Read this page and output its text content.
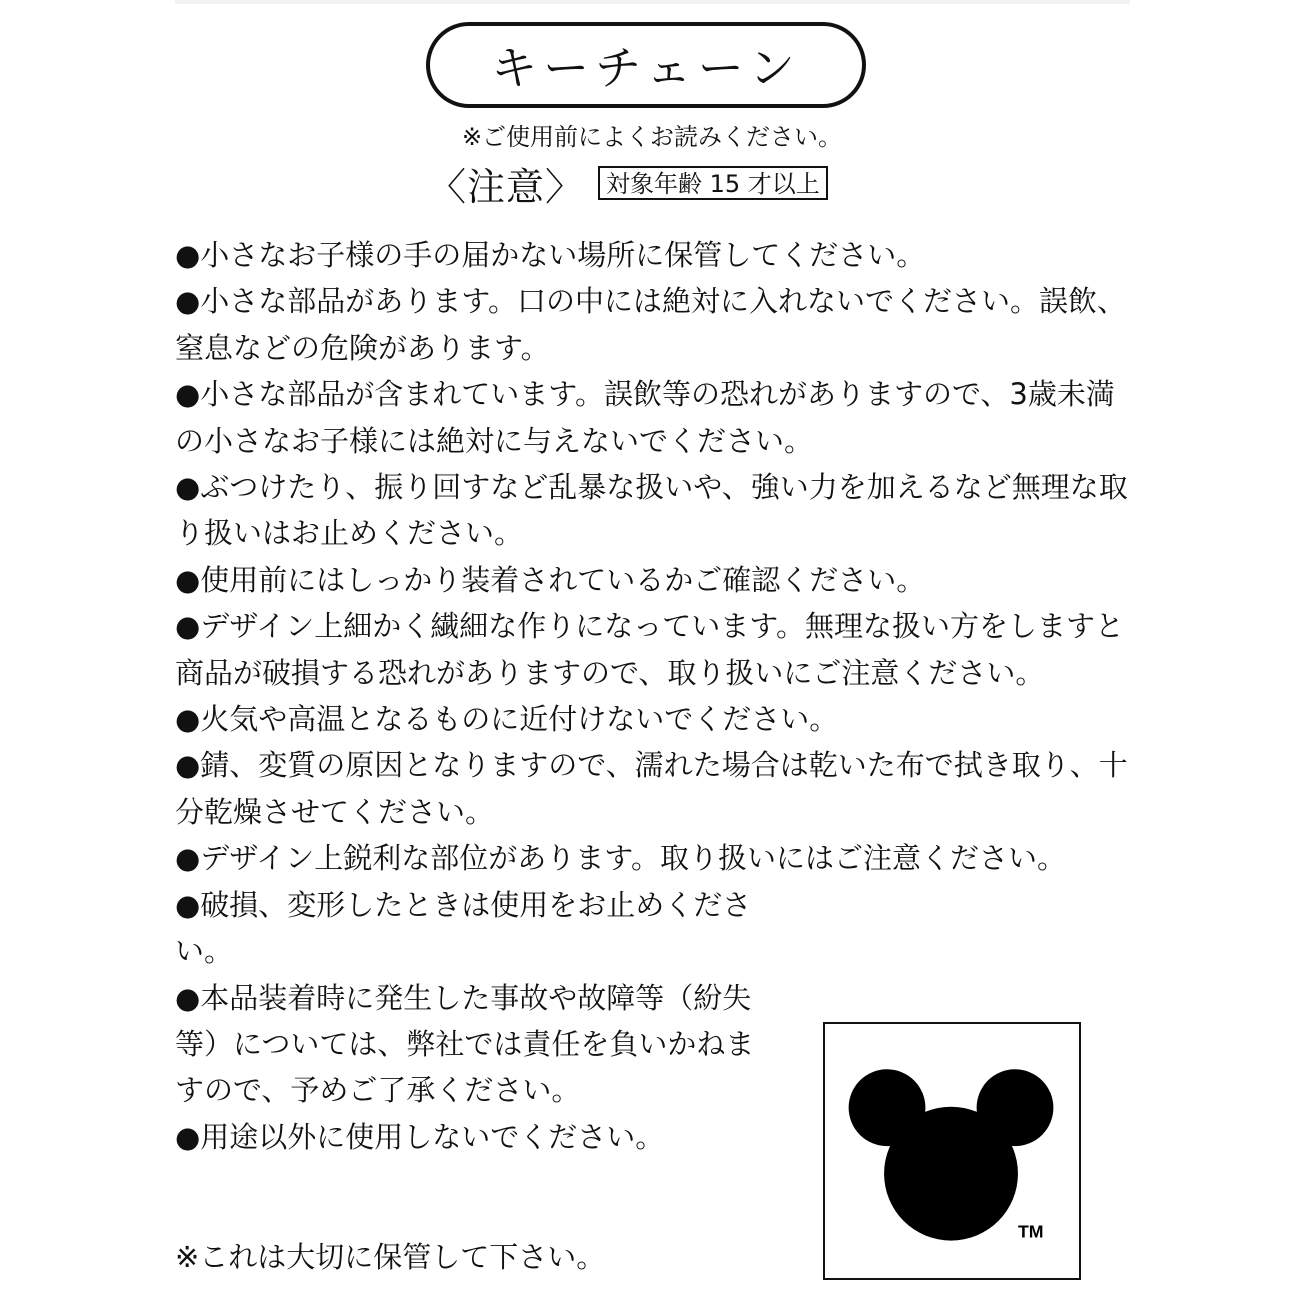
キーチェーン
※ご使用前によくお読みください。
〈注意〉 対象年齢 15 才以上

●小さなお子様の手の届かない場所に保管してください。

●小さな部品があります。口の中には絶対に入れないでください。誤飲、窒息などの危険があります。

●小さな部品が含まれています。誤飲等の恐れがありますので、3歳未満の小さなお子様には絶対に与えないでください。

●ぶつけたり、振り回すなど乱暴な扱いや、強い力を加えるなど無理な取り扱いはお止めください。

●使用前にはしっかり装着されているかご確認ください。

●デザイン上細かく繊細な作りになっています。無理な扱い方をしますと商品が破損する恐れがありますので、取り扱いにご注意ください。

●火気や高温となるものに近付けないでください。

●錆、変質の原因となりますので、濡れた場合は乾いた布で拭き取り、十分乾燥させてください。

●デザイン上鋭利な部位があります。取り扱いにはご注意ください。

●破損、変形したときは使用をお止めください。

●本品装着時に発生した事故や故障等（紛失等）については、弊社では責任を負いかねますので、予めご了承ください。

●用途以外に使用しないでください。

※これは大切に保管して下さい。
TM
